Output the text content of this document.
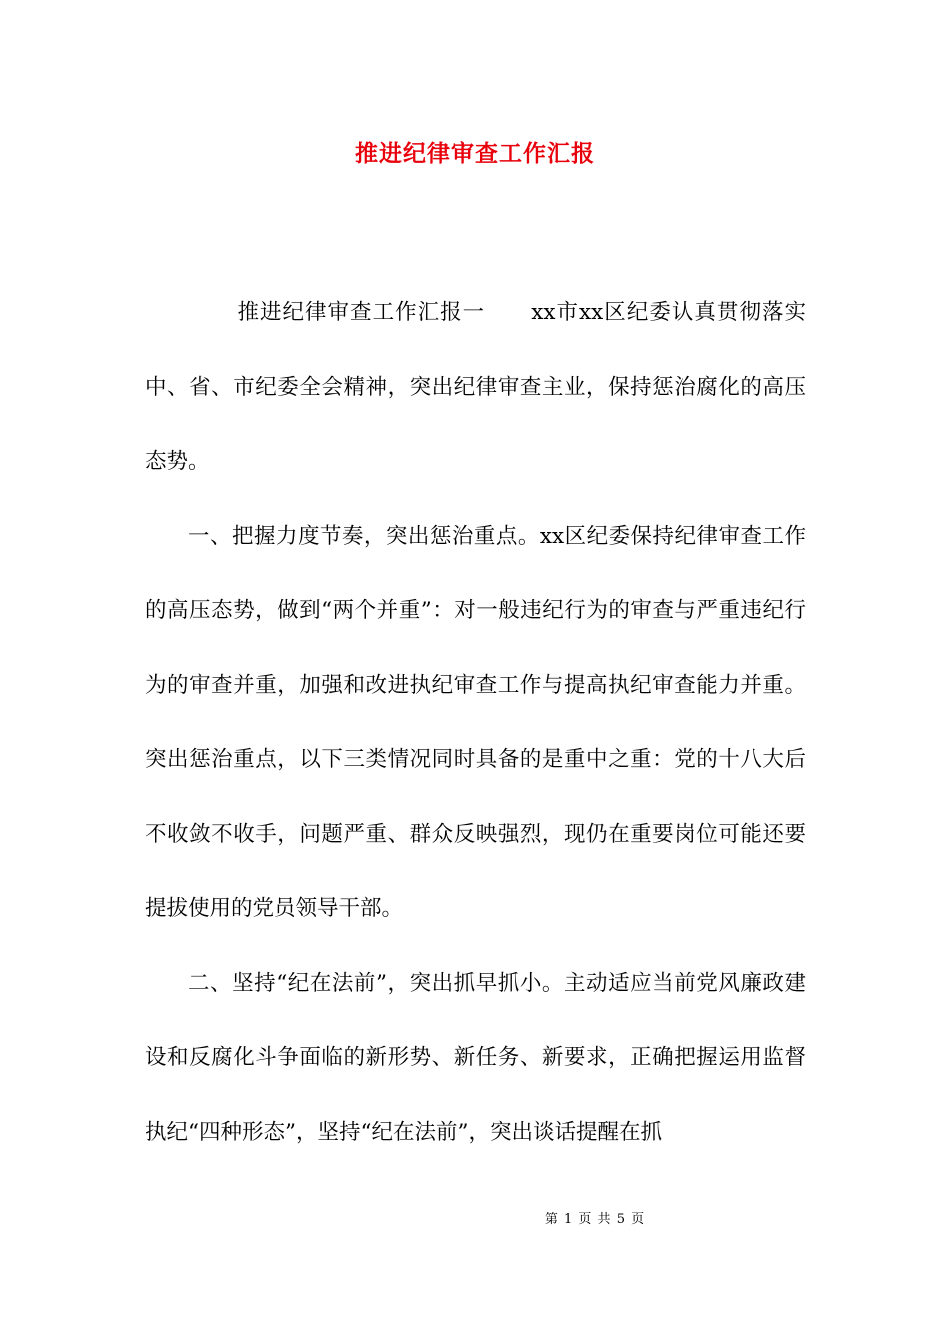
推进纪律审查工作汇报

推进纪律审查工作汇报一 xx市xx区纪委认真贯彻落实中、省、市纪委全会精神，突出纪律审查主业，保持惩治腐化的高压态势。

一、把握力度节奏，突出惩治重点。xx区纪委保持纪律审查工作的高压态势，做到“两个并重”：对一般违纪行为的审查与严重违纪行为的审查并重，加强和改进执纪审查工作与提高执纪审查能力并重。突出惩治重点，以下三类情况同时具备的是重中之重：党的十八大后不收敛不收手，问题严重、群众反映强烈，现仍在重要岗位可能还要提拔使用的党员领导干部。

二、坚持“纪在法前”，突出抓早抓小。主动适应当前党风廉政建设和反腐化斗争面临的新形势、新任务、新要求，正确把握运用监督执纪“四种形态”，坚持“纪在法前”，突出谈话提醒在抓

第 1 页 共 5 页
